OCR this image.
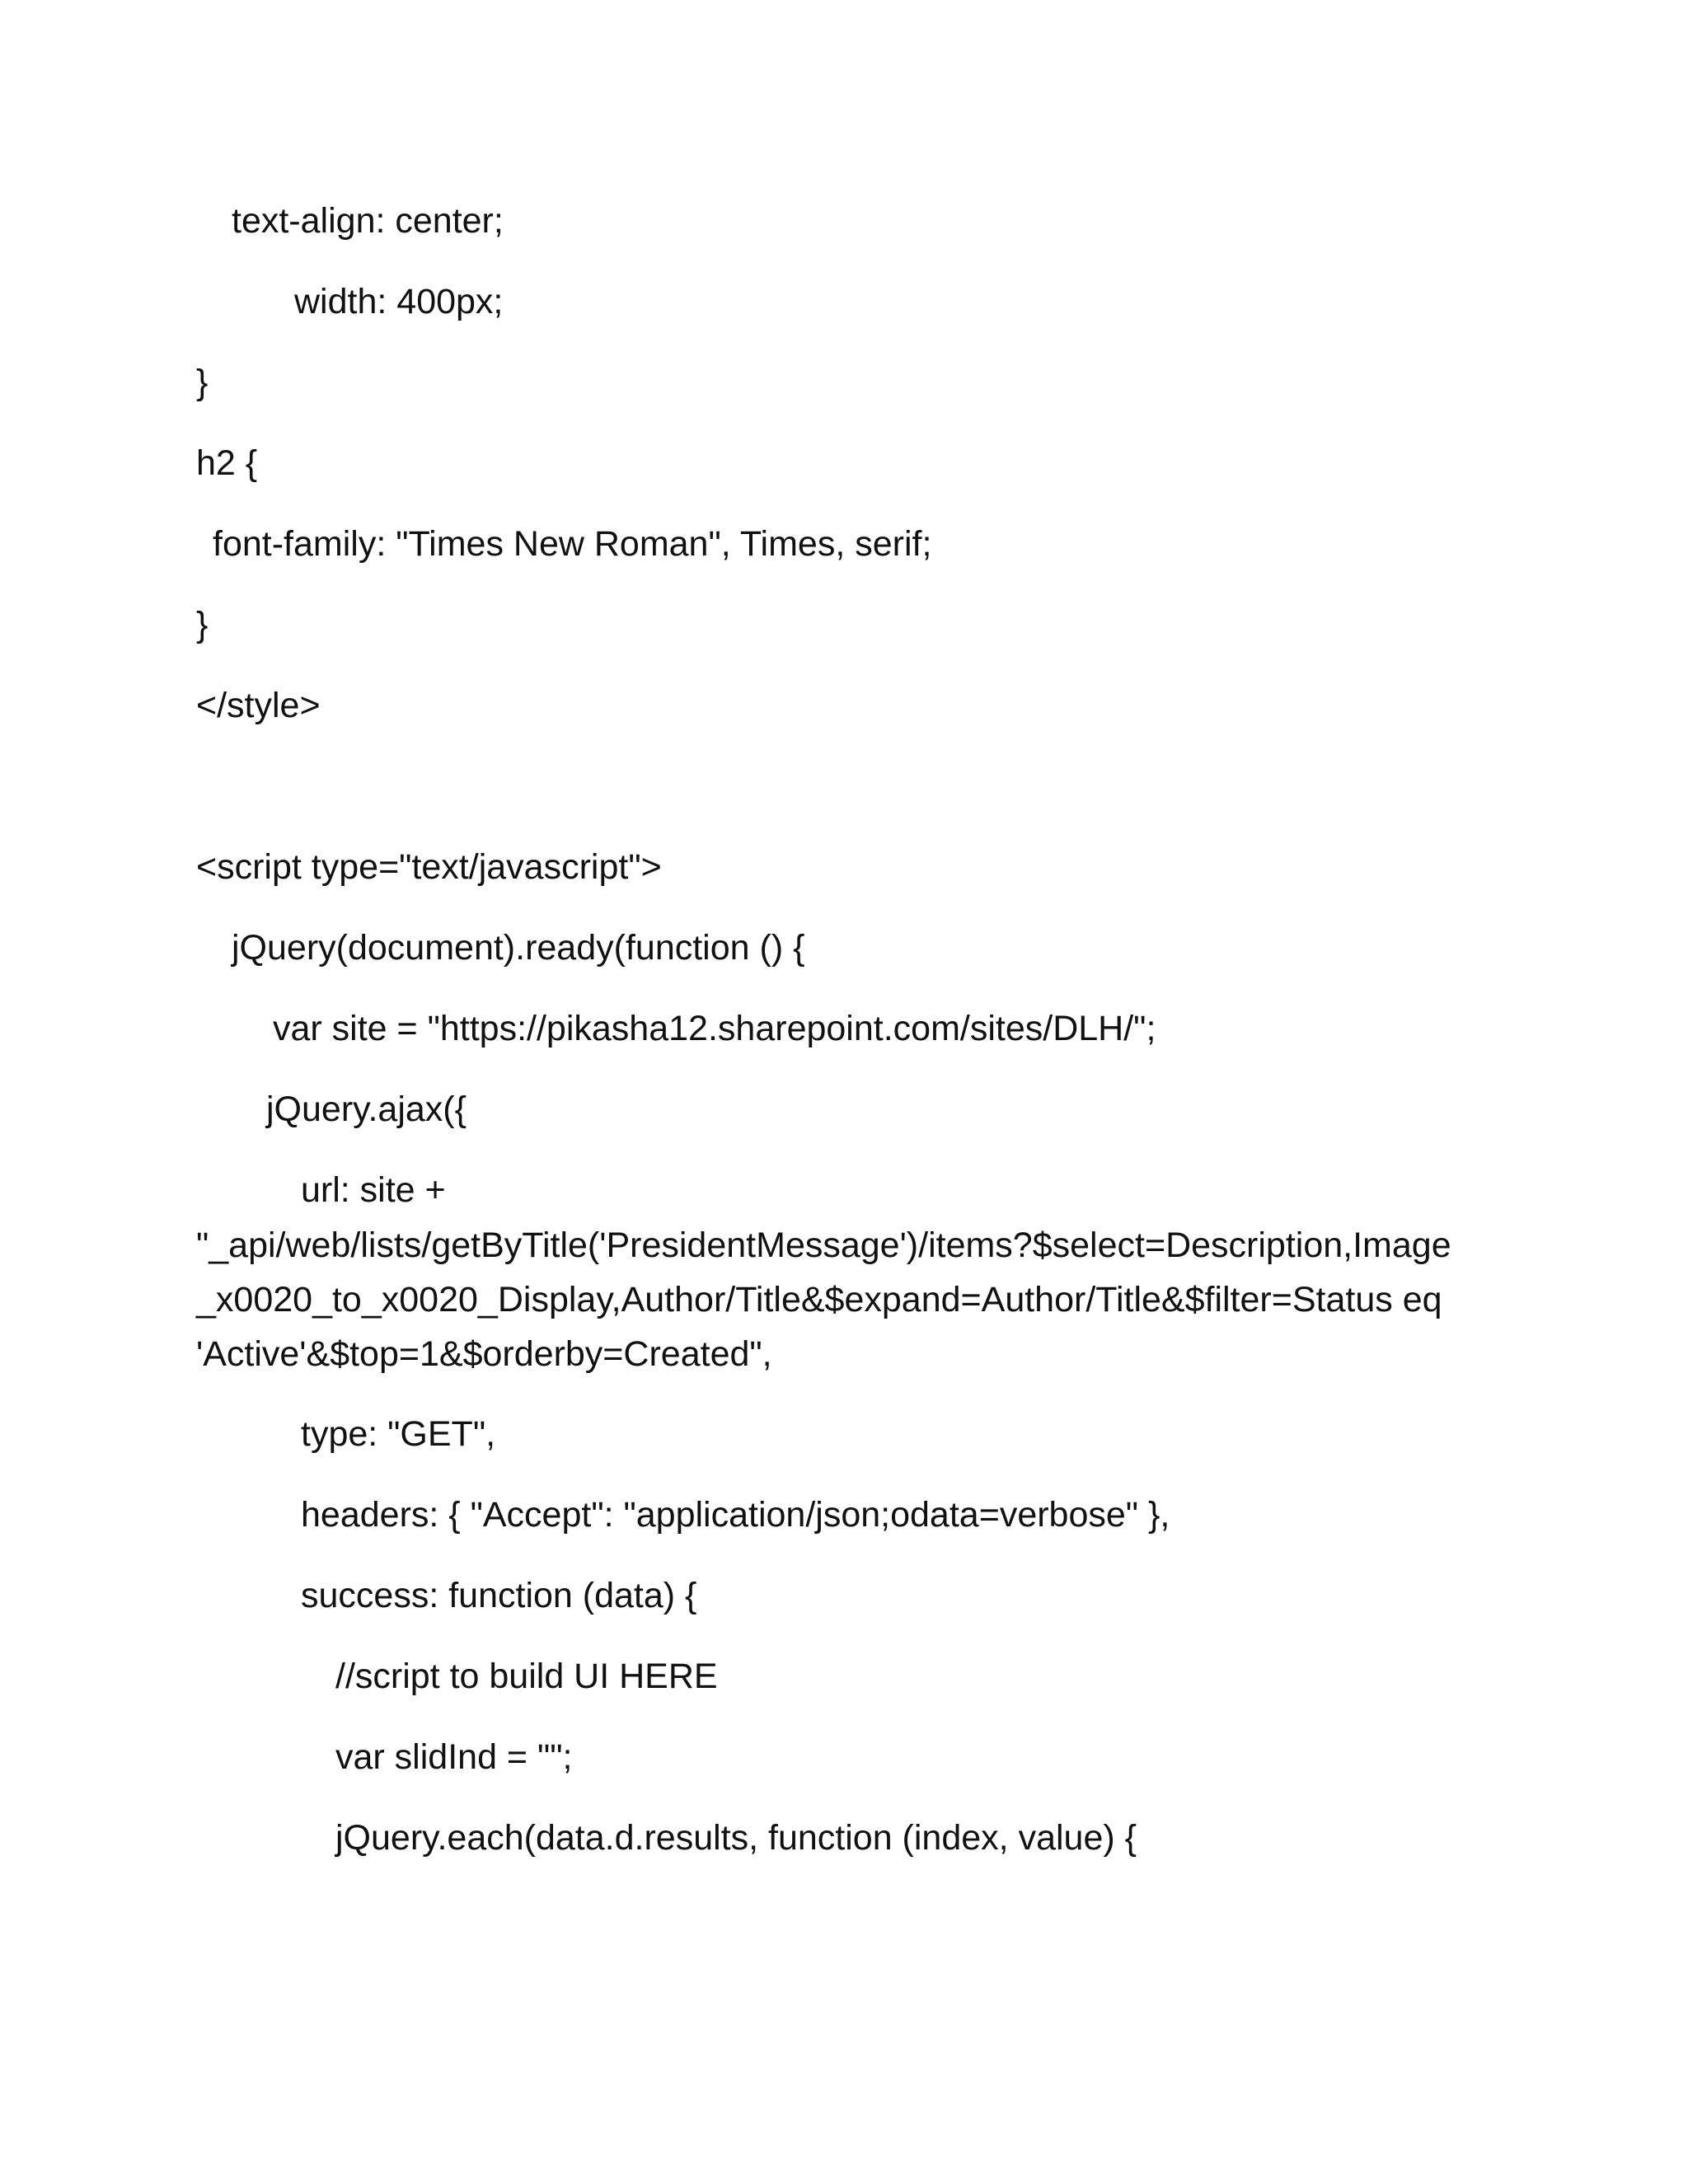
text-align: center;

width: 400px;

}

h2 {

font-family: "Times New Roman", Times, serif;

}

</style>

<script type="text/javascript">

jQuery(document).ready(function () {

var site = "https://pikasha12.sharepoint.com/sites/DLH/";

jQuery.ajax({

url: site +

"_api/web/lists/getByTitle('PresidentMessage')/items?$select=Description,Image

_x0020_to_x0020_Display,Author/Title&$expand=Author/Title&$filter=Status eq

'Active'&$top=1&$orderby=Created",

type: "GET",

headers: { "Accept": "application/json;odata=verbose" },

success: function (data) {

//script to build UI HERE

var slidInd = "";

jQuery.each(data.d.results, function (index, value) {
